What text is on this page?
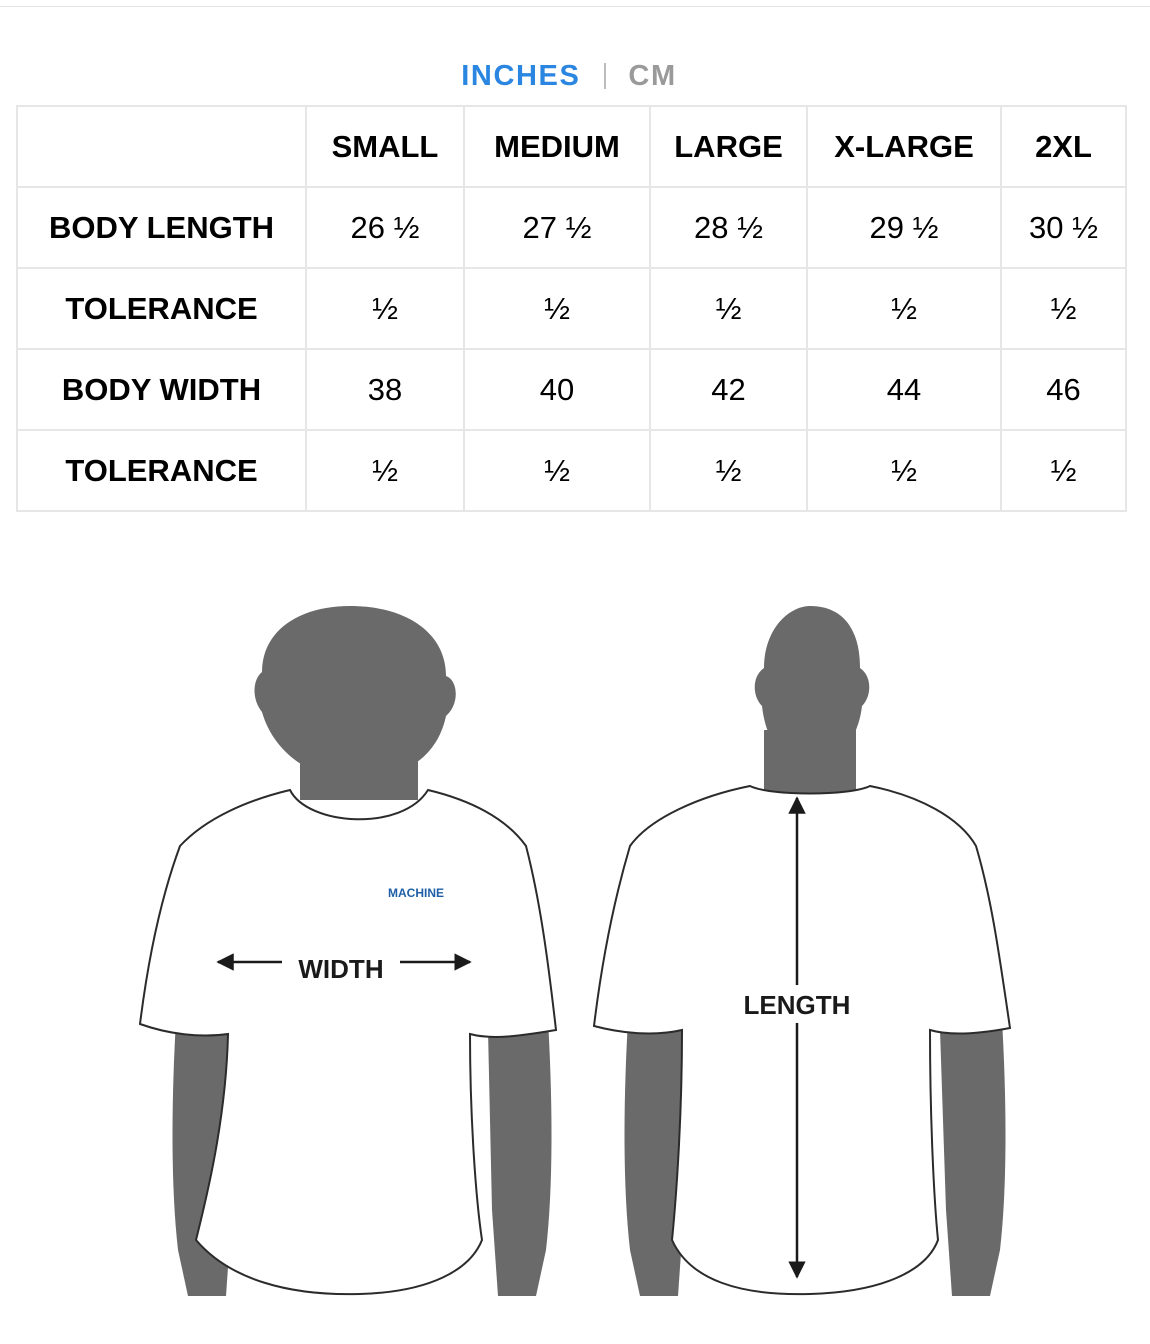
INCHES CM
	SMALL	MEDIUM	LARGE	X-LARGE	2XL
BODY LENGTH	26 ½	27 ½	28 ½	29 ½	30 ½
TOLERANCE	½	½	½	½	½
BODY WIDTH	38	40	42	44	46
TOLERANCE	½	½	½	½	½
WIDTH
MACHINE
LENGTH
